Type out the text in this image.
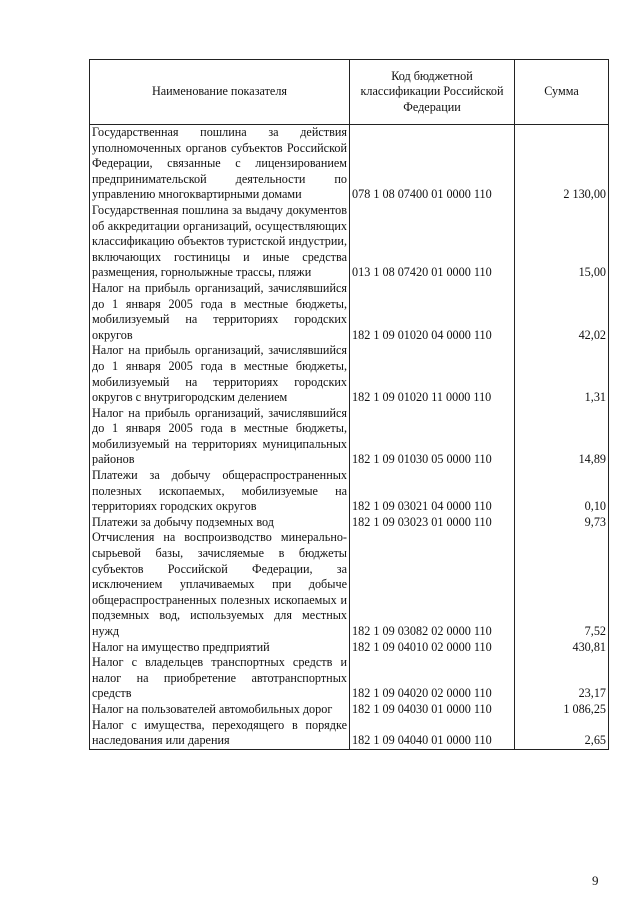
Наименование показателя	Код бюджетной классификации Российской Федерации	Сумма
Государственная пошлина за действия уполномоченных органов субъектов Российской Федерации, связанные с лицензированием предпринимательской деятельности по управлению многоквартирными домами	078 1 08 07400 01 0000 110	2 130,00
Государственная пошлина за выдачу документов об аккредитации организаций, осуществляющих классификацию объектов туристской индустрии, включающих гостиницы и иные средства размещения, горнолыжные трассы, пляжи	013 1 08 07420 01 0000 110	15,00
Налог на прибыль организаций, зачислявшийся до 1 января 2005 года в местные бюджеты, мобилизуемый на территориях городских округов	182 1 09 01020 04 0000 110	42,02
Налог на прибыль организаций, зачислявшийся до 1 января 2005 года в местные бюджеты, мобилизуемый на территориях городских округов с внутригородским делением	182 1 09 01020 11 0000 110	1,31
Налог на прибыль организаций, зачислявшийся до 1 января 2005 года в местные бюджеты, мобилизуемый на территориях муниципальных районов	182 1 09 01030 05 0000 110	14,89
Платежи за добычу общераспространенных полезных ископаемых, мобилизуемые на территориях городских округов	182 1 09 03021 04 0000 110	0,10
Платежи за добычу подземных вод	182 1 09 03023 01 0000 110	9,73
Отчисления на воспроизводство минерально-сырьевой базы, зачисляемые в бюджеты субъектов Российской Федерации, за исключением уплачиваемых при добыче общераспространенных полезных ископаемых и подземных вод, используемых для местных нужд	182 1 09 03082 02 0000 110	7,52
Налог на имущество предприятий	182 1 09 04010 02 0000 110	430,81
Налог с владельцев транспортных средств и налог на приобретение автотранспортных средств	182 1 09 04020 02 0000 110	23,17
Налог на пользователей автомобильных дорог	182 1 09 04030 01 0000 110	1 086,25
Налог с имущества, переходящего в порядке наследования или дарения	182 1 09 04040 01 0000 110	2,65
9
